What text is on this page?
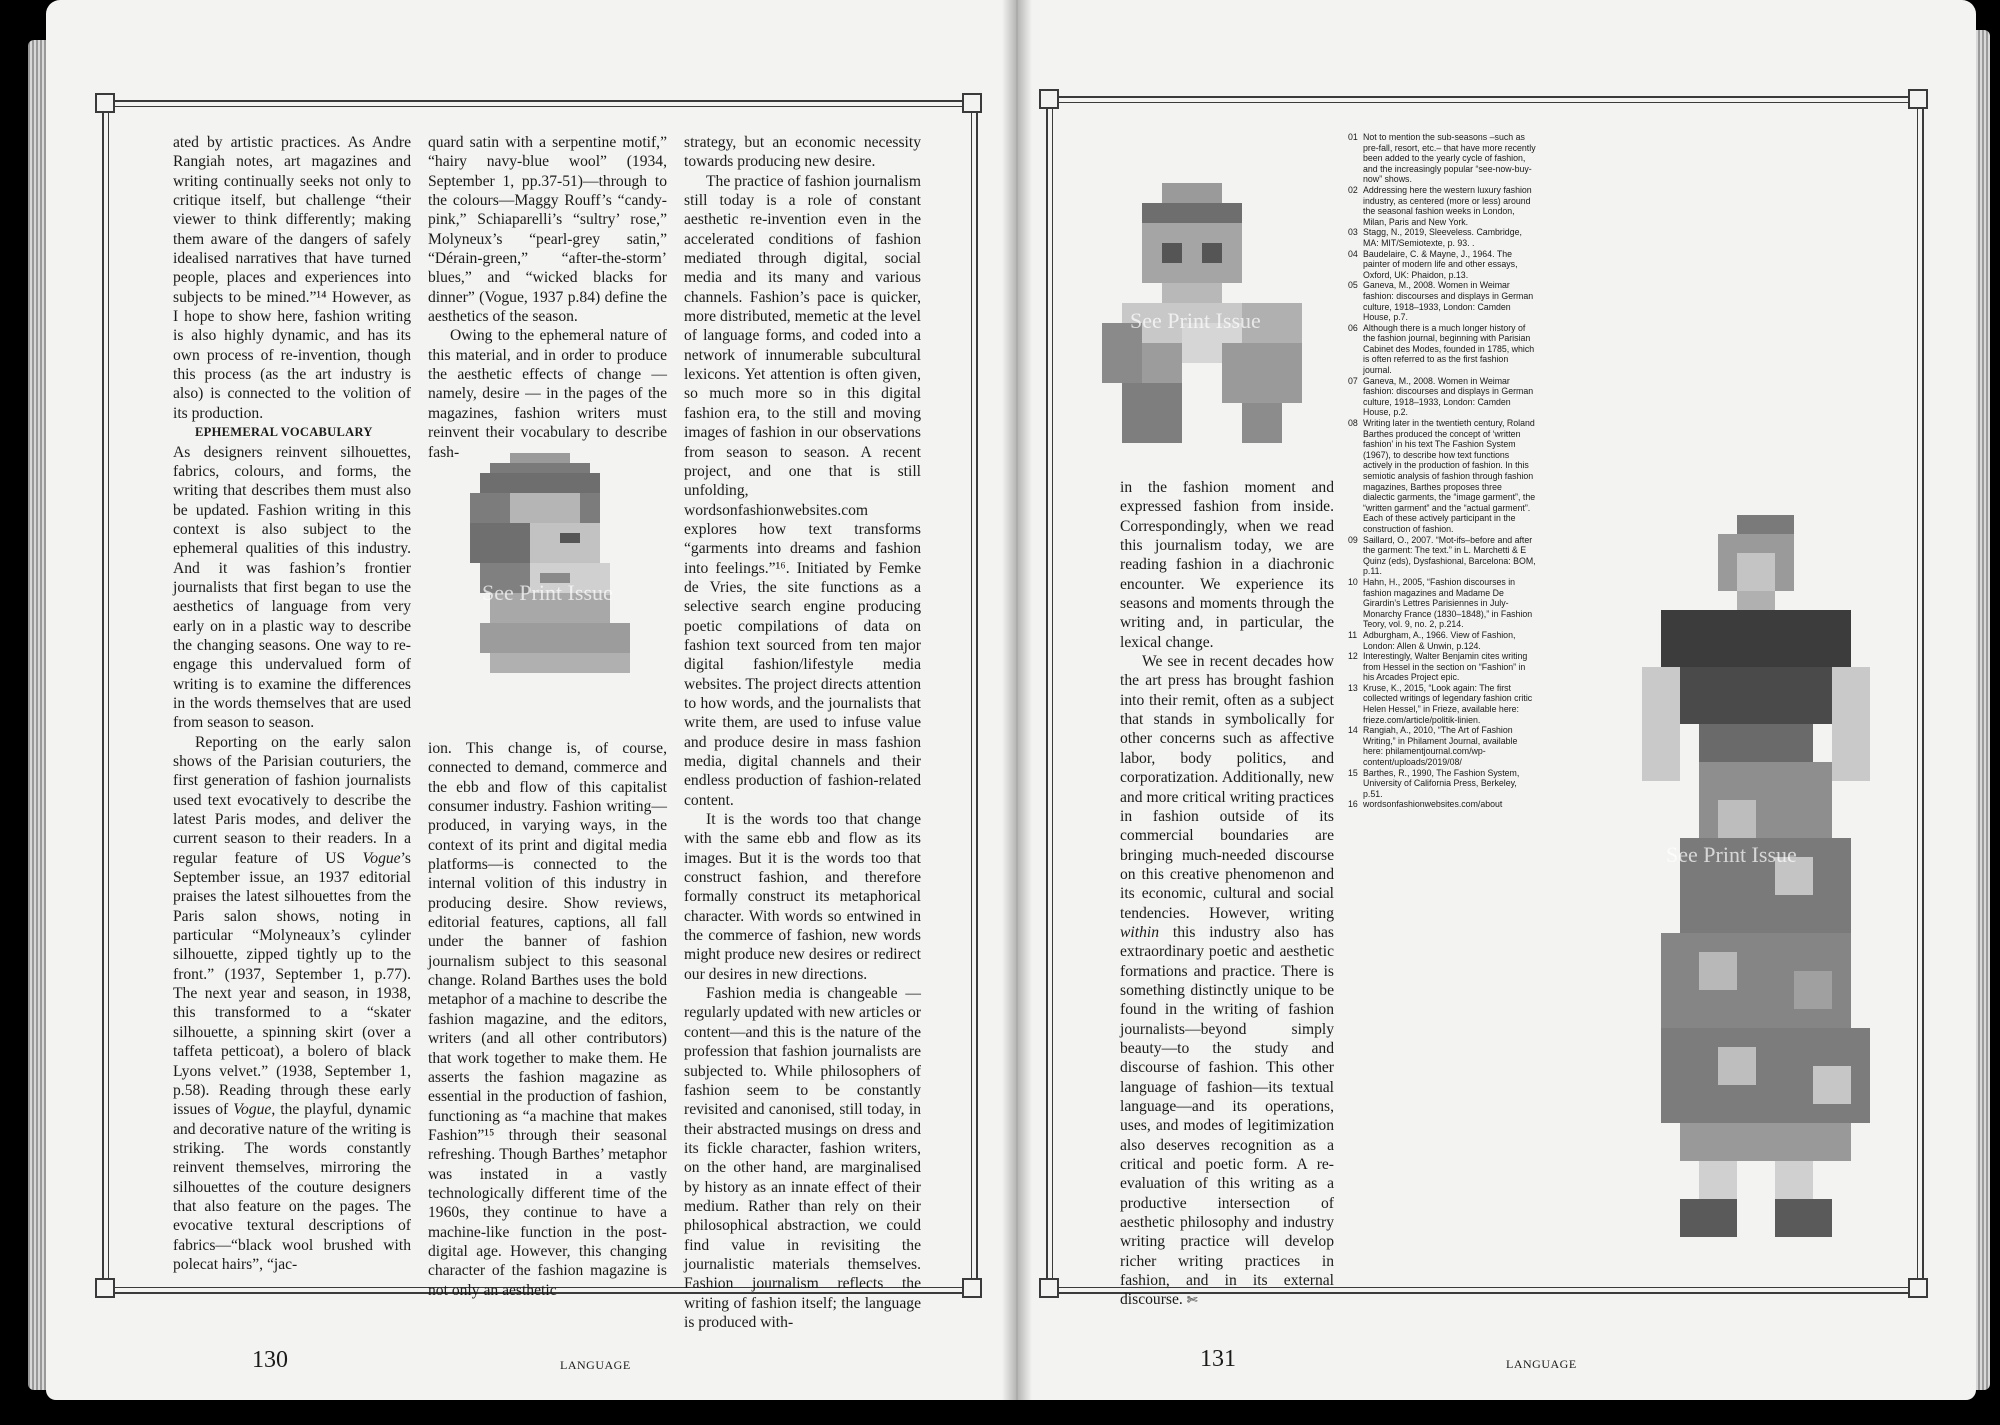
ated by artistic practices. As Andre Rangiah notes, art magazines and writing continually seeks not only to critique itself, but challenge “their viewer to think differently; making them aware of the dangers of safely idealised narratives that have turned people, places and experiences into subjects to be mined.”¹⁴ However, as I hope to show here, fashion writing is also highly dynamic, and has its own process of re-invention, though this process (as the art industry is also) is connected to the volition of its production.

EPHEMERAL VOCABULARY

As designers reinvent silhouettes, fabrics, colours, and forms, the writing that describes them must also be updated. Fashion writing in this context is also subject to the ephemeral qualities of this industry. And it was fashion’s frontier journalists that first began to use the aesthetics of language from very early on in a plastic way to describe the changing seasons. One way to re-engage this undervalued form of writing is to examine the differences in the words themselves that are used from season to season.

Reporting on the early salon shows of the Parisian couturiers, the first generation of fashion journalists used text evocatively to describe the latest Paris modes, and deliver the current season to their readers. In a regular feature of US Vogue’s September issue, an 1937 editorial praises the latest silhouettes from the Paris salon shows, noting in particular “Molyneaux’s cylinder silhouette, zipped tightly up to the front.” (1937, September 1, p.77). The next year and season, in 1938, this transformed to a “skater silhouette, a spinning skirt (over a taffeta petticoat), a bolero of black Lyons velvet.” (1938, September 1, p.58). Reading through these early issues of Vogue, the playful, dynamic and decorative nature of the writing is striking. The words constantly reinvent themselves, mirroring the silhouettes of the couture designers that also feature on the pages. The evocative textural descriptions of fabrics—“black wool brushed with polecat hairs”, “jac-

quard satin with a serpentine motif,” “hairy navy-blue wool” (1934, September 1, pp.37-51)—through to the colours—Maggy Rouff’s “candy-pink,” Schiaparelli’s “sultry’ rose,” Molyneux’s “pearl-grey satin,” “Dérain-green,” “after-the-storm’ blues,” and “wicked blacks for dinner” (Vogue, 1937 p.84) define the aesthetics of the season.

Owing to the ephemeral nature of this material, and in order to produce the aesthetic effects of change — namely, desire — in the pages of the magazines, fashion writers must reinvent their vocabulary to describe fash-

See Print Issue

ion. This change is, of course, connected to demand, commerce and the ebb and flow of this capitalist consumer industry. Fashion writing—produced, in varying ways, in the context of its print and digital media platforms—is connected to the internal volition of this industry in producing desire. Show reviews, editorial features, captions, all fall under the banner of fashion journalism subject to this seasonal change. Roland Barthes uses the bold metaphor of a machine to describe the fashion magazine, and the editors, writers (and all other contributors) that work together to make them. He asserts the fashion magazine as essential in the production of fashion, functioning as “a machine that makes Fashion”¹⁵ through their seasonal refreshing. Though Barthes’ metaphor was instated in a vastly technologically different time of the 1960s, they continue to have a machine-like function in the post-digital age. However, this changing character of the fashion magazine is not only an aesthetic

strategy, but an economic necessity towards producing new desire.

The practice of fashion journalism still today is a role of constant aesthetic re-invention even in the accelerated conditions of fashion mediated through digital, social media and its many and various channels. Fashion’s pace is quicker, more distributed, memetic at the level of language forms, and coded into a network of innumerable subcultural lexicons. Yet attention is often given, so much more so in this digital fashion era, to the still and moving images of fashion in our observations from season to season. A recent project, and one that is still unfolding, wordsonfashionwebsites.com explores how text transforms “garments into dreams and fashion into feelings.”¹⁶. Initiated by Femke de Vries, the site functions as a selective search engine producing poetic compilations of data on fashion text sourced from ten major digital fashion/lifestyle media websites. The project directs attention to how words, and the journalists that write them, are used to infuse value and produce desire in mass fashion media, digital channels and their endless production of fashion-related content.

It is the words too that change with the same ebb and flow as its images. But it is the words too that construct fashion, and therefore formally construct its metaphorical character. With words so entwined in the commerce of fashion, new words might produce new desires or redirect our desires in new directions.

Fashion media is changeable — regularly updated with new articles or content—and this is the nature of the profession that fashion journalists are subjected to. While philosophers of fashion seem to be constantly revisited and canonised, still today, in their abstracted musings on dress and its fickle character, fashion writers, on the other hand, are marginalised by history as an innate effect of their medium. Rather than rely on their philosophical abstraction, we could find value in revisiting the journalistic materials themselves. Fashion journalism reflects the writing of fashion itself; the language is produced with-

130	LANGUAGE
See Print Issue

in the fashion moment and expressed fashion from inside. Correspondingly, when we read this journalism today, we are reading fashion in a diachronic encounter. We experience its seasons and moments through the writing and, in particular, the lexical change.

We see in recent decades how the art press has brought fashion into their remit, often as a subject that stands in symbolically for other concerns such as affective labor, body politics, and corporatization. Additionally, new and more critical writing practices in fashion outside of its commercial boundaries are bringing much-needed discourse on this creative phenomenon and its economic, cultural and social tendencies. However, writing within this industry also has extraordinary poetic and aesthetic formations and practice. There is something distinctly unique to be found in the writing of fashion journalists—beyond simply beauty—to the study and discourse of fashion. This other language of fashion—its textual language—and its operations, uses, and modes of legitimization also deserves recognition as a critical and poetic form. A re-evaluation of this writing as a productive intersection of aesthetic philosophy and industry writing practice will develop richer writing practices in fashion, and in its external discourse. ✄

01 Not to mention the sub-seasons –such as pre-fall, resort, etc.– that have more recently been added to the yearly cycle of fashion, and the increasingly popular “see-now-buy-now” shows.
02 Addressing here the western luxury fashion industry, as centered (more or less) around the seasonal fashion weeks in London, Milan, Paris and New York.
03 Stagg, N., 2019, Sleeveless. Cambridge, MA: MIT/Semiotexte, p. 93. .
04 Baudelaire, C. & Mayne, J., 1964. The painter of modern life and other essays, Oxford, UK: Phaidon, p.13.
05 Ganeva, M., 2008. Women in Weimar fashion: discourses and displays in German culture, 1918–1933, London: Camden House, p.7.
06 Although there is a much longer history of the fashion journal, beginning with Parisian Cabinet des Modes, founded in 1785, which is often referred to as the first fashion journal.
07 Ganeva, M., 2008. Women in Weimar fashion: discourses and displays in German culture, 1918–1933, London: Camden House, p.2.
08 Writing later in the twentieth century, Roland Barthes produced the concept of ‘written fashion’ in his text The Fashion System (1967), to describe how text functions actively in the production of fashion. In this semiotic analysis of fashion through fashion magazines, Barthes proposes three dialectic garments, the “image garment”, the “written garment” and the “actual garment”. Each of these actively participant in the construction of fashion.
09 Saillard, O., 2007. “Mot-ifs–before and after the garment: The text.” in L. Marchetti & E Quinz (eds), Dysfashional, Barcelona: BOM, p.11.
10 Hahn, H., 2005, “Fashion discourses in fashion magazines and Madame De Girardin’s Lettres Parisiennes in July-Monarchy France (1830–1848),” in Fashion Teory, vol. 9, no. 2, p.214.
11 Adburgham, A., 1966. View of Fashion, London: Allen & Unwin, p.124.
12 Interestingly, Walter Benjamin cites writing from Hessel in the section on “Fashion” in his Arcades Project epic.
13 Kruse, K., 2015, “Look again: The first collected writings of legendary fashion critic Helen Hessel,” in Frieze, available here: frieze.com/article/politik-linien.
14 Rangiah, A., 2010, “The Art of Fashion Writing,” in Philament Journal, available here: philamentjournal.com/wp-content/uploads/2019/08/
15 Barthes, R., 1990, The Fashion System, University of California Press, Berkeley, p.51.
16 wordsonfashionwebsites.com/about
See Print Issue
131	LANGUAGE
